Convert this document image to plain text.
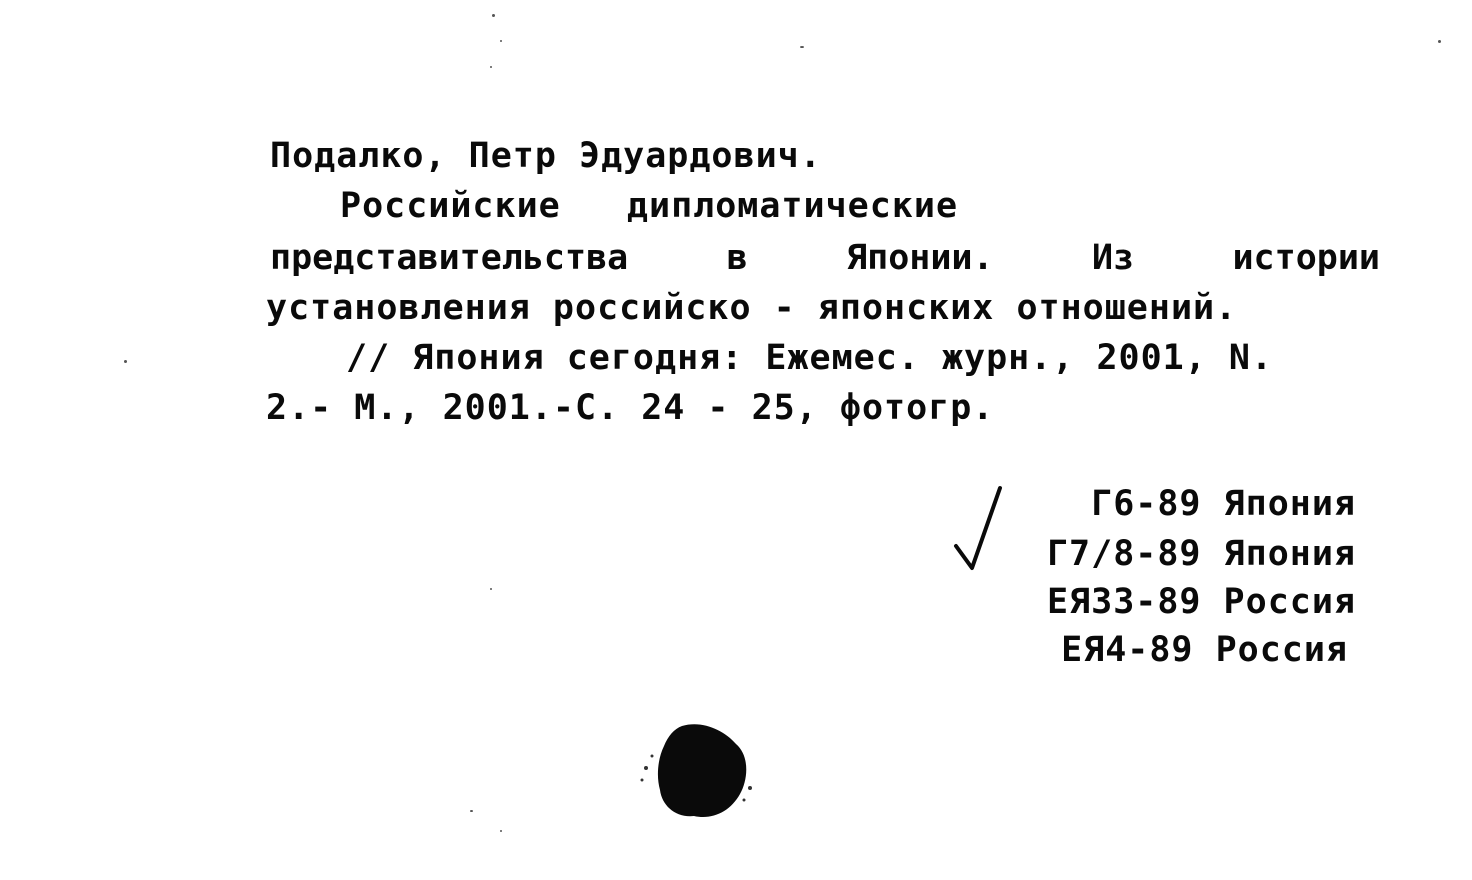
Подалко, Петр Эдуардович.
Российские   дипломатические
представительства	в	Японии.	Из	истории
установления российско - японских отношений.
// Япония сегодня: Ежемес. журн., 2001, N.
2.- М., 2001.-С. 24 - 25, фотогр.
Г6-89 Япония
Г7/8-89 Япония
ЕЯ33-89 Россия
ЕЯ4-89 Россия
